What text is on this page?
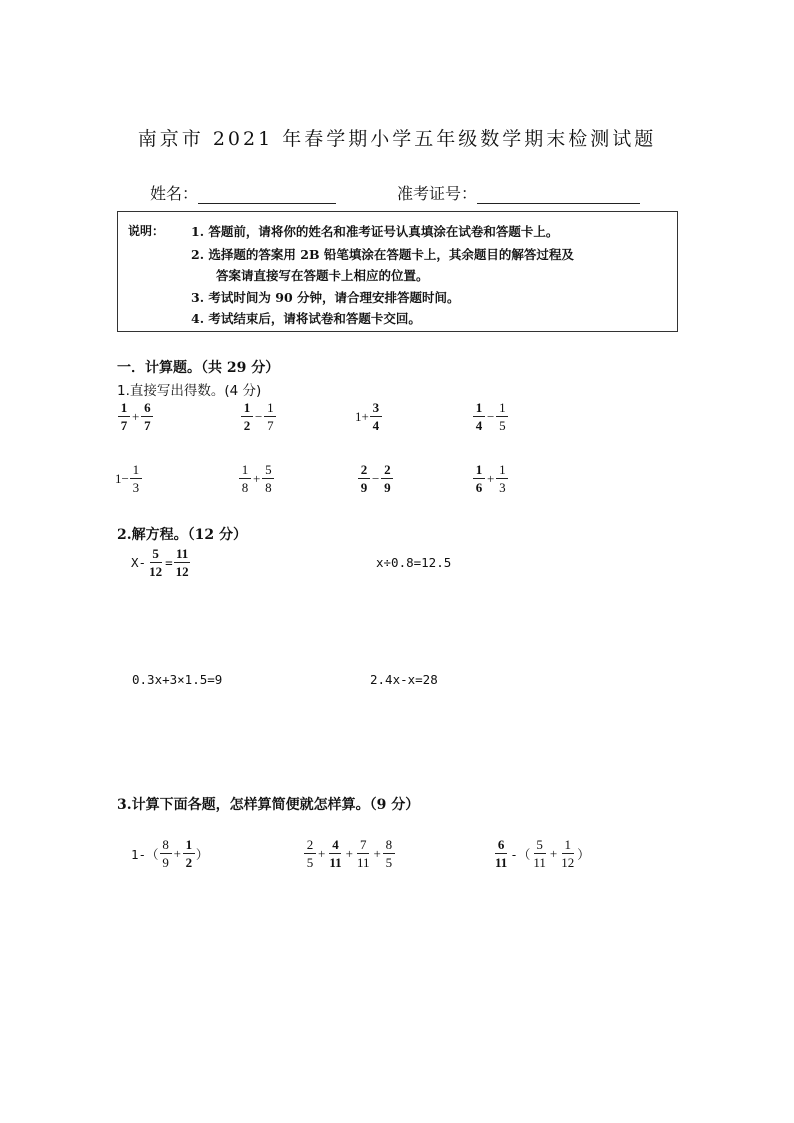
南京市 2021 年春学期小学五年级数学期末检测试题
姓名：	准考证号：
说明： 1. 答题前，请将你的姓名和准考证号认真填涂在试卷和答题卡上。
2. 选择题的答案用 2B 铅笔填涂在答题卡上，其余题目的解答过程及
答案请直接写在答题卡上相应的位置。
3. 考试时间为 90 分钟，请合理安排答题时间。
4. 考试结束后，请将试卷和答题卡交回。
一．计算题。（共 29 分）
1.直接写出得数。(4 分)
$\frac{1}{7} + \frac{6}{7}$	$\frac{1}{2} - \frac{1}{7}$	$1+ \frac{3}{4}$	$\frac{1}{4} - \frac{1}{5}$
$1- \frac{1}{3}$	$\frac{1}{8} + \frac{5}{8}$	$\frac{2}{9} - \frac{2}{9}$	$\frac{1}{6} + \frac{1}{3}$
2.解方程。（12 分）
$X- \frac{5}{12} = \frac{11}{12}$	x÷0.8=12.5
0.3x+3×1.5=9	2.4x-x=28
3.计算下面各题，怎样算简便就怎样算。（9 分）
$1-( \frac{8}{9} + \frac{1}{2}$ ）	$\frac{2}{5} + \frac{4}{11} + \frac{7}{11} + \frac{8}{5}$	$\frac{6}{11}$ -（ $\frac{5}{11} + \frac{1}{12}$ ）
